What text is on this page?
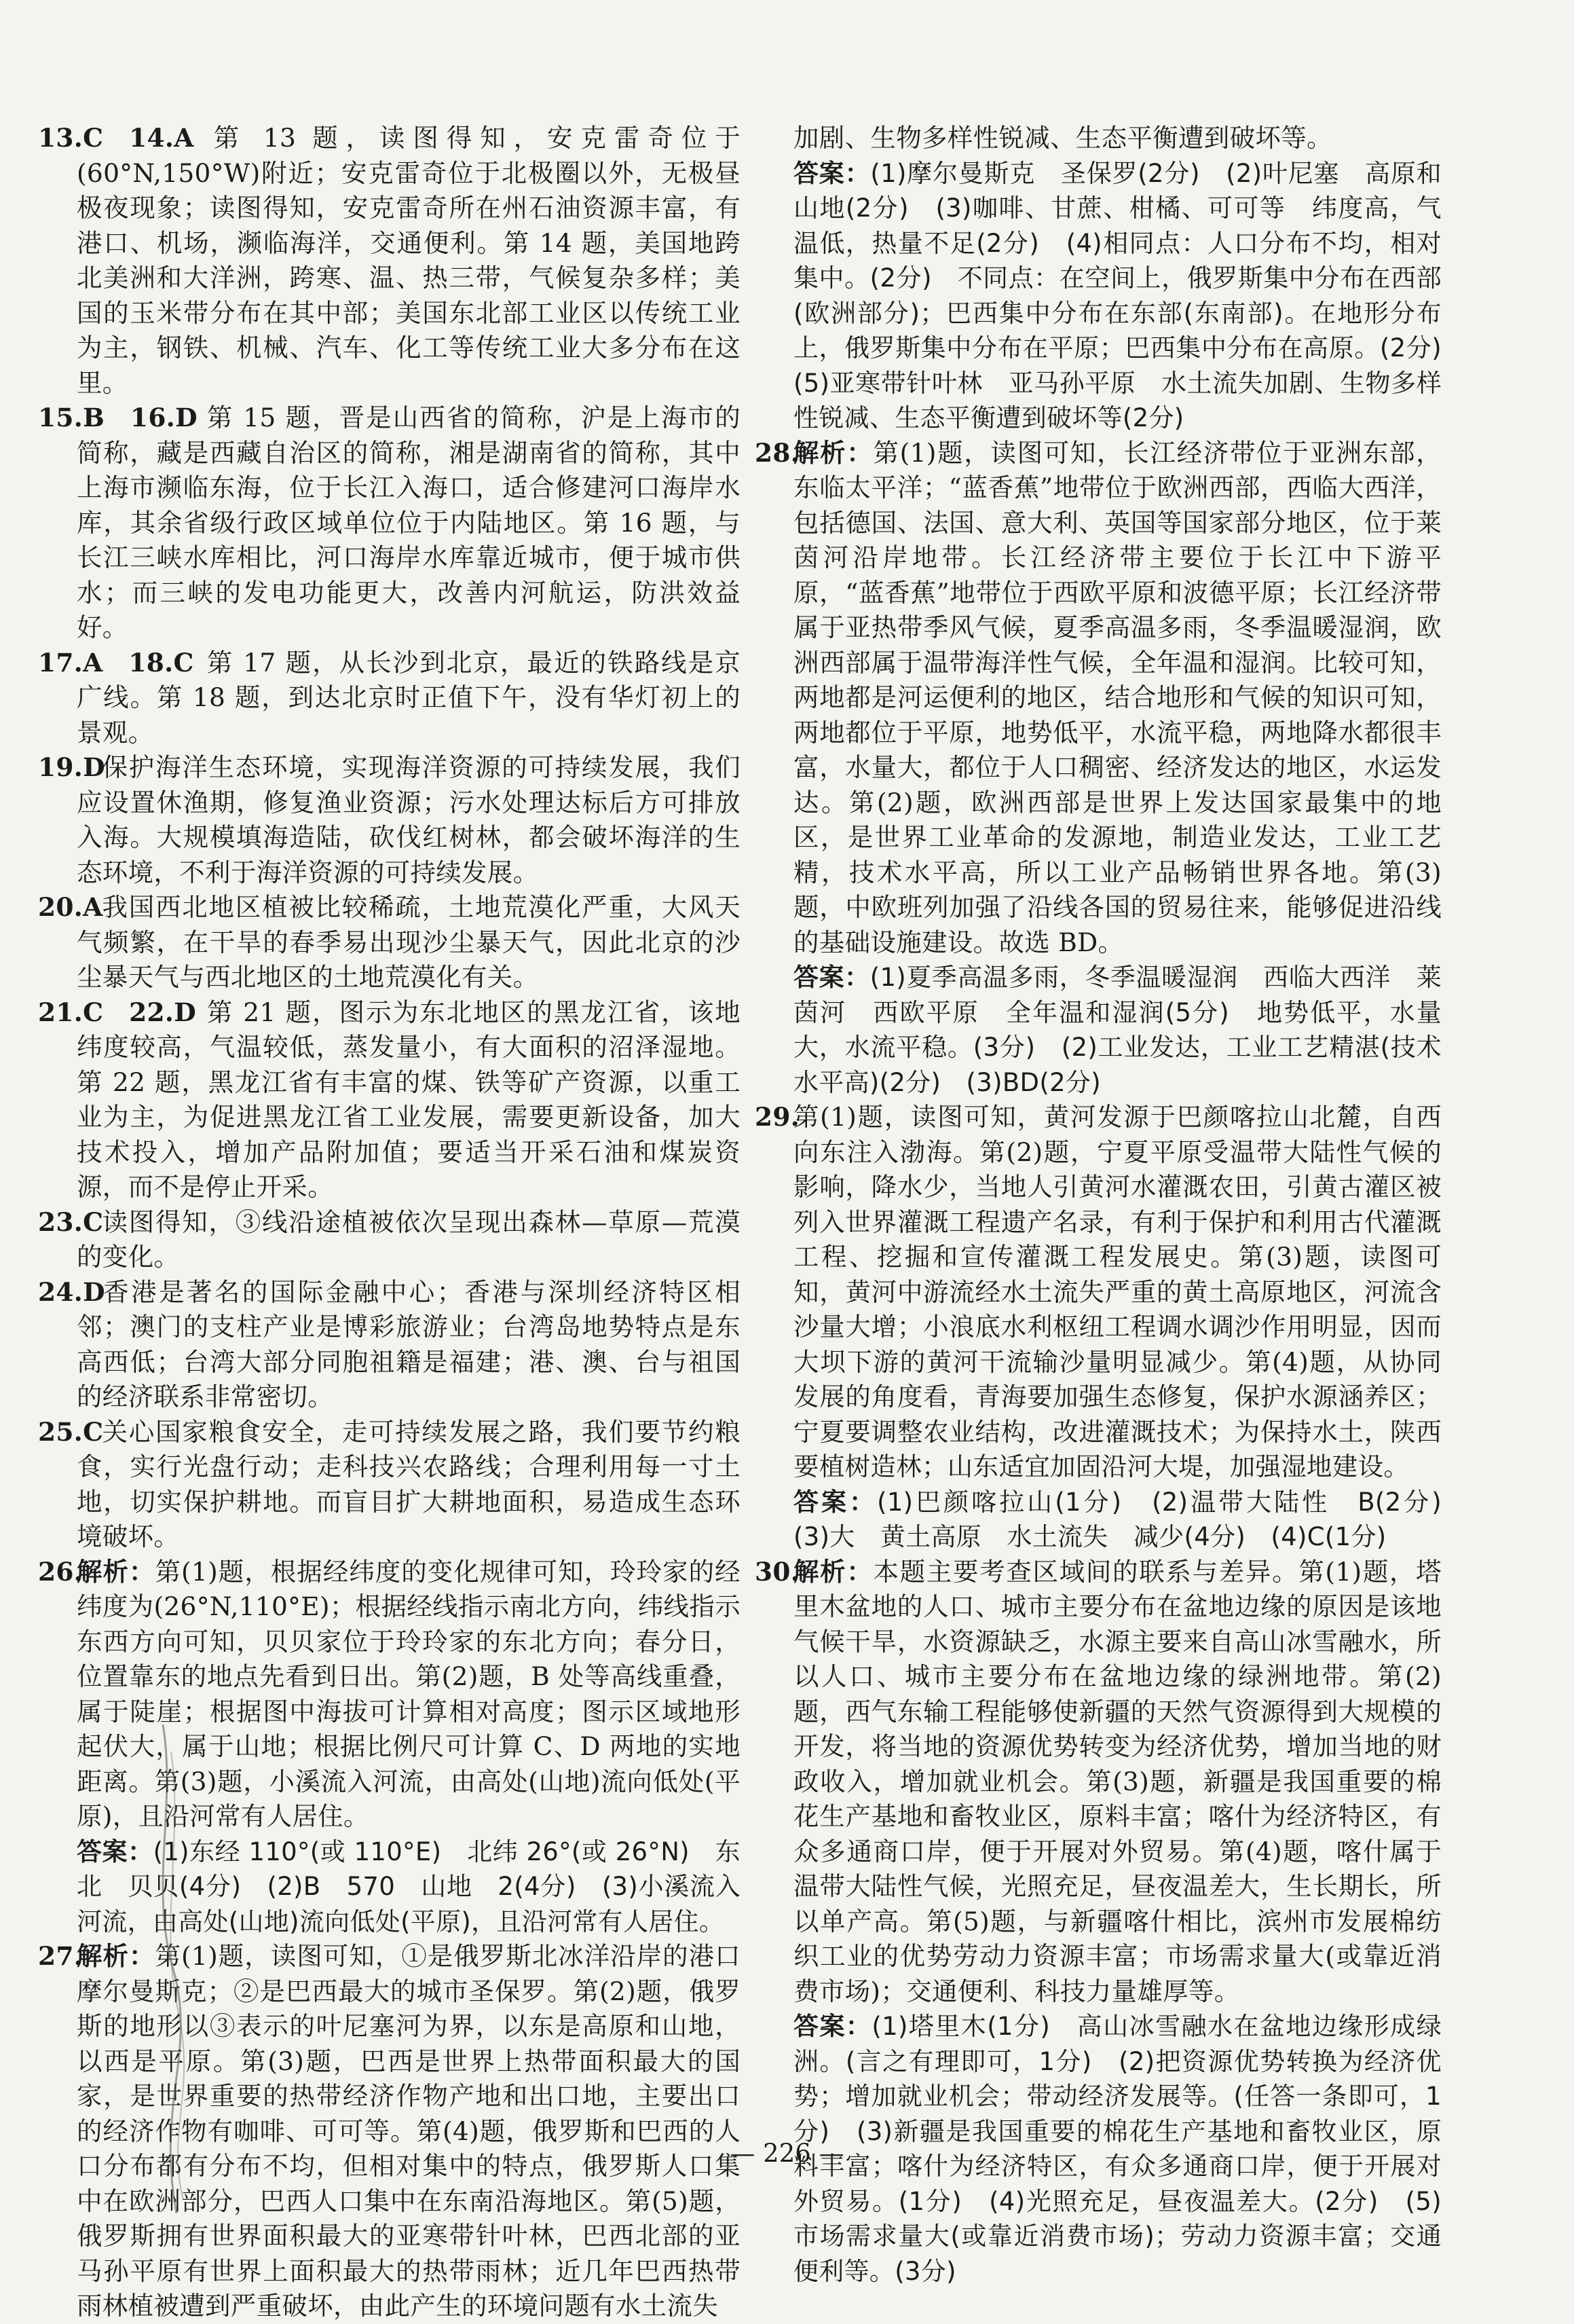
13.C　14.A 第 13 题，读图得知，安克雷奇位于(60°N,150°W)附近；安克雷奇位于北极圈以外，无极昼极夜现象；读图得知，安克雷奇所在州石油资源丰富，有港口、机场，濒临海洋，交通便利。第 14 题，美国地跨北美洲和大洋洲，跨寒、温、热三带，气候复杂多样；美国的玉米带分布在其中部；美国东北部工业区以传统工业为主，钢铁、机械、汽车、化工等传统工业大多分布在这里。
15.B　16.D 第 15 题，晋是山西省的简称，沪是上海市的简称，藏是西藏自治区的简称，湘是湖南省的简称，其中上海市濒临东海，位于长江入海口，适合修建河口海岸水库，其余省级行政区域单位位于内陆地区。第 16 题，与长江三峡水库相比，河口海岸水库靠近城市，便于城市供水；而三峡的发电功能更大，改善内河航运，防洪效益好。
17.A　18.C 第 17 题，从长沙到北京，最近的铁路线是京广线。第 18 题，到达北京时正值下午，没有华灯初上的景观。
19.D
保护海洋生态环境，实现海洋资源的可持续发展，我们应设置休渔期，修复渔业资源；污水处理达标后方可排放入海。大规模填海造陆，砍伐红树林，都会破坏海洋的生态环境，不利于海洋资源的可持续发展。
20.A
我国西北地区植被比较稀疏，土地荒漠化严重，大风天气频繁，在干旱的春季易出现沙尘暴天气，因此北京的沙尘暴天气与西北地区的土地荒漠化有关。
21.C　22.D 第 21 题，图示为东北地区的黑龙江省，该地纬度较高，气温较低，蒸发量小，有大面积的沼泽湿地。第 22 题，黑龙江省有丰富的煤、铁等矿产资源，以重工业为主，为促进黑龙江省工业发展，需要更新设备，加大技术投入，增加产品附加值；要适当开采石油和煤炭资源，而不是停止开采。
23.C
读图得知，③线沿途植被依次呈现出森林—草原—荒漠的变化。
24.D
香港是著名的国际金融中心；香港与深圳经济特区相邻；澳门的支柱产业是博彩旅游业；台湾岛地势特点是东高西低；台湾大部分同胞祖籍是福建；港、澳、台与祖国的经济联系非常密切。
25.C
关心国家粮食安全，走可持续发展之路，我们要节约粮食，实行光盘行动；走科技兴农路线；合理利用每一寸土地，切实保护耕地。而盲目扩大耕地面积，易造成生态环境破坏。
26.
解析：第(1)题，根据经纬度的变化规律可知，玲玲家的经纬度为(26°N,110°E)；根据经线指示南北方向，纬线指示东西方向可知，贝贝家位于玲玲家的东北方向；春分日，位置靠东的地点先看到日出。第(2)题，B 处等高线重叠，属于陡崖；根据图中海拔可计算相对高度；图示区域地形起伏大，属于山地；根据比例尺可计算 C、D 两地的实地距离。第(3)题，小溪流入河流，由高处(山地)流向低处(平原)，且沿河常有人居住。
答案：(1)东经 110°(或 110°E)　北纬 26°(或 26°N)　东北　贝贝(4分)　(2)B　570　山地　2(4分)　(3)小溪流入河流，由高处(山地)流向低处(平原)，且沿河常有人居住。
27.
解析：第(1)题，读图可知，①是俄罗斯北冰洋沿岸的港口摩尔曼斯克；②是巴西最大的城市圣保罗。第(2)题，俄罗斯的地形以③表示的叶尼塞河为界，以东是高原和山地，以西是平原。第(3)题，巴西是世界上热带面积最大的国家，是世界重要的热带经济作物产地和出口地，主要出口的经济作物有咖啡、可可等。第(4)题，俄罗斯和巴西的人口分布都有分布不均，但相对集中的特点，俄罗斯人口集中在欧洲部分，巴西人口集中在东南沿海地区。第(5)题，俄罗斯拥有世界面积最大的亚寒带针叶林，巴西北部的亚马孙平原有世界上面积最大的热带雨林；近几年巴西热带雨林植被遭到严重破坏，由此产生的环境问题有水土流失
加剧、生物多样性锐减、生态平衡遭到破坏等。
答案：(1)摩尔曼斯克　圣保罗(2分)　(2)叶尼塞　高原和山地(2分)　(3)咖啡、甘蔗、柑橘、可可等　纬度高，气温低，热量不足(2分)　(4)相同点：人口分布不均，相对集中。(2分)　不同点：在空间上，俄罗斯集中分布在西部(欧洲部分)；巴西集中分布在东部(东南部)。在地形分布上，俄罗斯集中分布在平原；巴西集中分布在高原。(2分)　(5)亚寒带针叶林　亚马孙平原　水土流失加剧、生物多样性锐减、生态平衡遭到破坏等(2分)
28.
解析：第(1)题，读图可知，长江经济带位于亚洲东部，东临太平洋；“蓝香蕉”地带位于欧洲西部，西临大西洋，包括德国、法国、意大利、英国等国家部分地区，位于莱茵河沿岸地带。长江经济带主要位于长江中下游平原，“蓝香蕉”地带位于西欧平原和波德平原；长江经济带属于亚热带季风气候，夏季高温多雨，冬季温暖湿润，欧洲西部属于温带海洋性气候，全年温和湿润。比较可知，两地都是河运便利的地区，结合地形和气候的知识可知，两地都位于平原，地势低平，水流平稳，两地降水都很丰富，水量大，都位于人口稠密、经济发达的地区，水运发达。第(2)题，欧洲西部是世界上发达国家最集中的地区，是世界工业革命的发源地，制造业发达，工业工艺精，技术水平高，所以工业产品畅销世界各地。第(3)题，中欧班列加强了沿线各国的贸易往来，能够促进沿线的基础设施建设。故选 BD。
答案：(1)夏季高温多雨，冬季温暖湿润　西临大西洋　莱茵河　西欧平原　全年温和湿润(5分)　地势低平，水量大，水流平稳。(3分)　(2)工业发达，工业工艺精湛(技术水平高)(2分)　(3)BD(2分)
29.
第(1)题，读图可知，黄河发源于巴颜喀拉山北麓，自西向东注入渤海。第(2)题，宁夏平原受温带大陆性气候的影响，降水少，当地人引黄河水灌溉农田，引黄古灌区被列入世界灌溉工程遗产名录，有利于保护和利用古代灌溉工程、挖掘和宣传灌溉工程发展史。第(3)题，读图可知，黄河中游流经水土流失严重的黄土高原地区，河流含沙量大增；小浪底水利枢纽工程调水调沙作用明显，因而大坝下游的黄河干流输沙量明显减少。第(4)题，从协同发展的角度看，青海要加强生态修复，保护水源涵养区；宁夏要调整农业结构，改进灌溉技术；为保持水土，陕西要植树造林；山东适宜加固沿河大堤，加强湿地建设。
答案：(1)巴颜喀拉山(1分)　(2)温带大陆性　B(2分)　(3)大　黄土高原　水土流失　减少(4分)　(4)C(1分)
30.
解析：本题主要考查区域间的联系与差异。第(1)题，塔里木盆地的人口、城市主要分布在盆地边缘的原因是该地气候干旱，水资源缺乏，水源主要来自高山冰雪融水，所以人口、城市主要分布在盆地边缘的绿洲地带。第(2)题，西气东输工程能够使新疆的天然气资源得到大规模的开发，将当地的资源优势转变为经济优势，增加当地的财政收入，增加就业机会。第(3)题，新疆是我国重要的棉花生产基地和畜牧业区，原料丰富；喀什为经济特区，有众多通商口岸，便于开展对外贸易。第(4)题，喀什属于温带大陆性气候，光照充足，昼夜温差大，生长期长，所以单产高。第(5)题，与新疆喀什相比，滨州市发展棉纺织工业的优势劳动力资源丰富；市场需求量大(或靠近消费市场)；交通便利、科技力量雄厚等。
答案：(1)塔里木(1分)　高山冰雪融水在盆地边缘形成绿洲。(言之有理即可，1分)　(2)把资源优势转换为经济优势；增加就业机会；带动经济发展等。(任答一条即可，1分)　(3)新疆是我国重要的棉花生产基地和畜牧业区，原料丰富；喀什为经济特区，有众多通商口岸，便于开展对外贸易。(1分)　(4)光照充足，昼夜温差大。(2分)　(5)市场需求量大(或靠近消费市场)；劳动力资源丰富；交通便利等。(3分)
— 226 —
